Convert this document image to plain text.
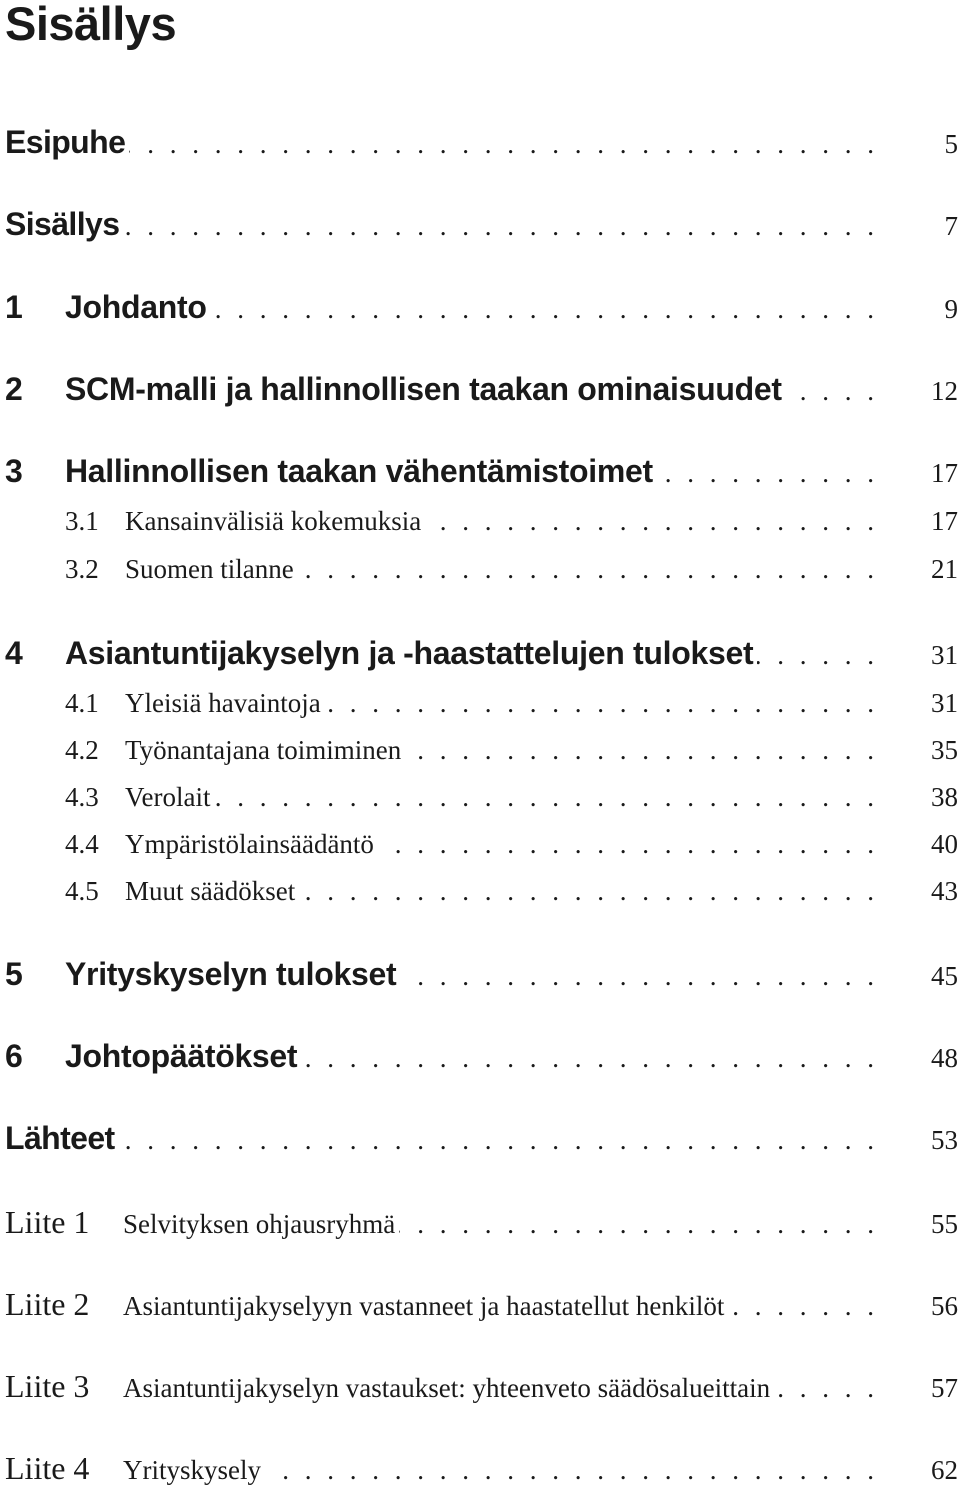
Sisällys
Esipuhe . . .	5
Sisällys . . .	7
1	Johdanto . . .	9
2	SCM-malli ja hallinnollisen taakan ominaisuudet . . .	12
3	Hallinnollisen taakan vähentämistoimet . . .	17
3.1 Kansainvälisiä kokemuksia . . .	17
3.2 Suomen tilanne . . .	21
4	Asiantuntijakyselyn ja -haastattelujen tulokset . . .	31
4.1 Yleisiä havaintoja . . .	31
4.2 Työnantajana toimiminen . . .	35
4.3 Verolait . . .	38
4.4 Ympäristölainsäädäntö . . .	40
4.5 Muut säädökset . . .	43
5	Yrityskyselyn tulokset . . .	45
6	Johtopäätökset . . .	48
Lähteet . . .	53
Liite 1	Selvityksen ohjausryhmä . . .	55
Liite 2	Asiantuntijakyselyyn vastanneet ja haastatellut henkilöt . . .	56
Liite 3	Asiantuntijakyselyn vastaukset: yhteenveto säädösalueittain . . .	57
Liite 4	Yrityskysely . . .	62
